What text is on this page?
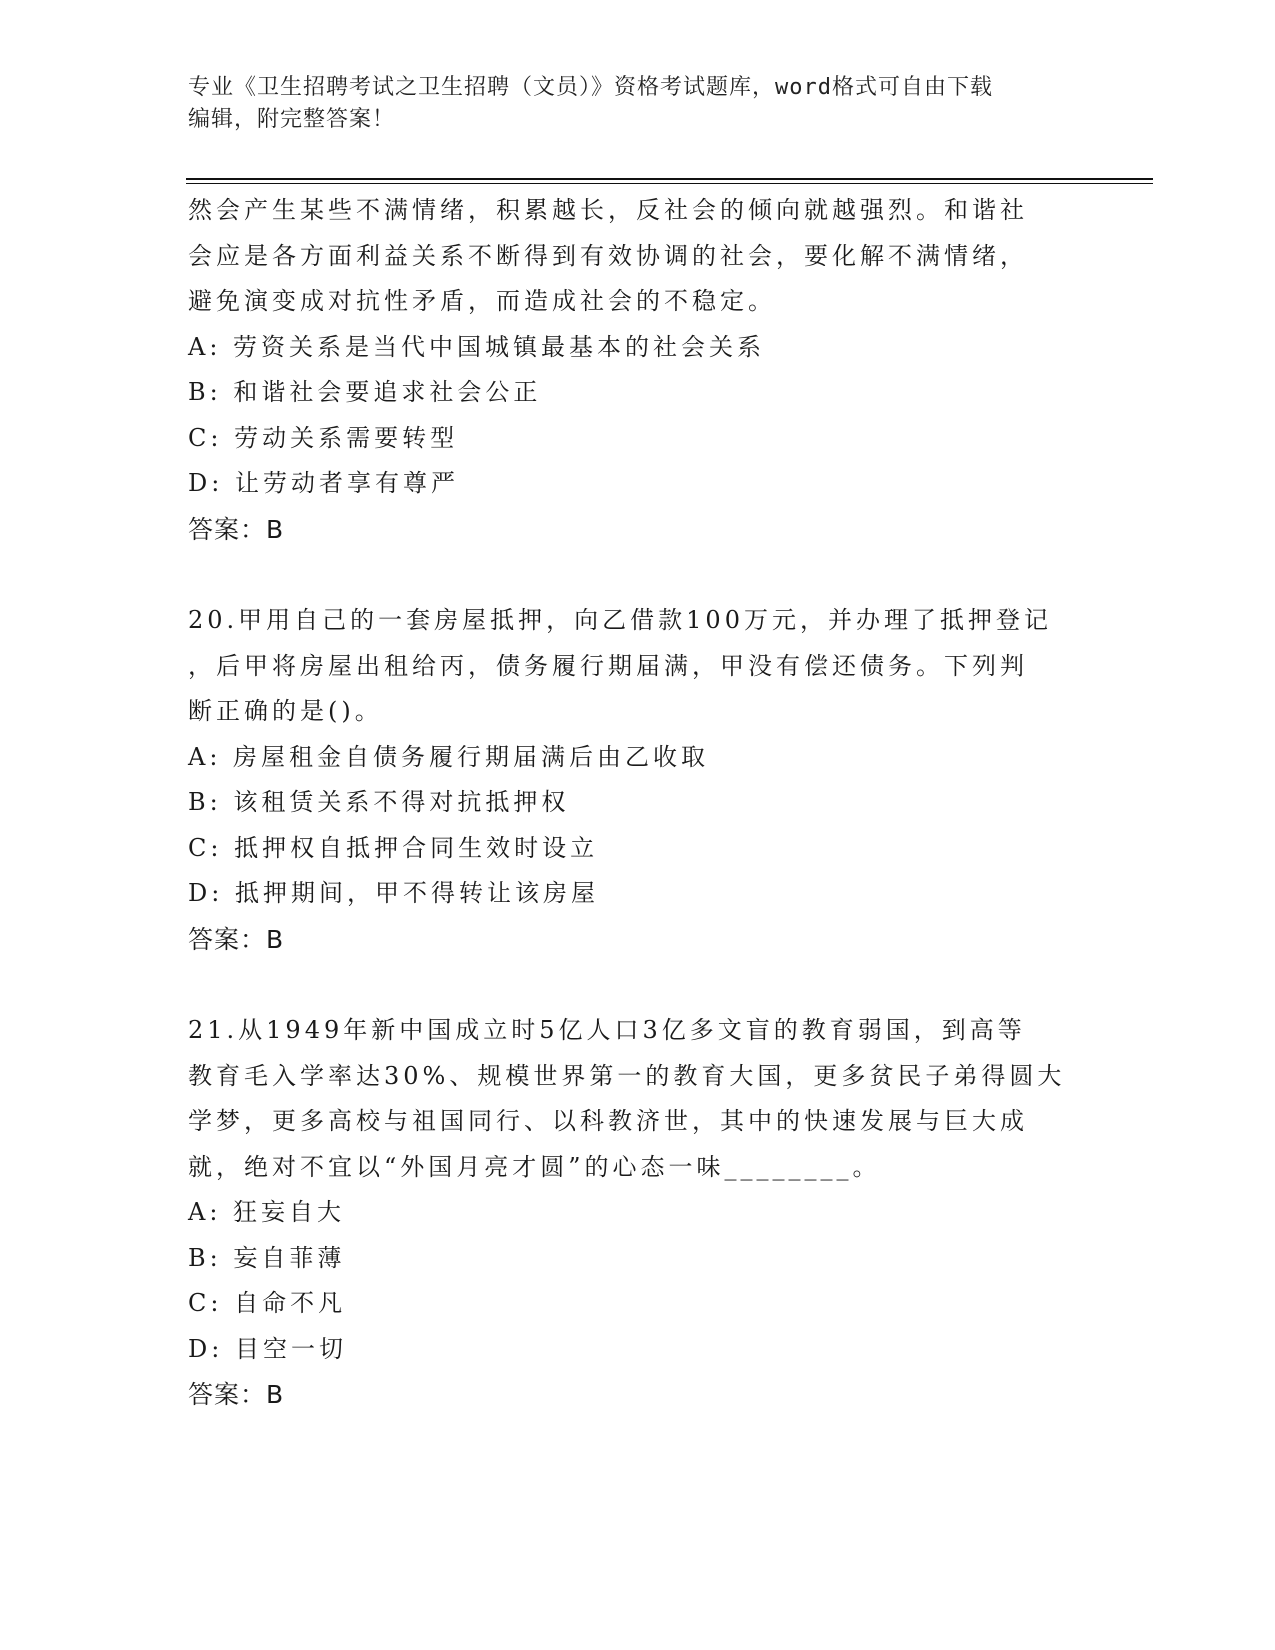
专业《卫生招聘考试之卫生招聘（文员）》资格考试题库，word格式可自由下载
编辑，附完整答案！
然会产生某些不满情绪，积累越长，反社会的倾向就越强烈。和谐社
会应是各方面利益关系不断得到有效协调的社会，要化解不满情绪，
避免演变成对抗性矛盾，而造成社会的不稳定。
A: 劳资关系是当代中国城镇最基本的社会关系
B: 和谐社会要追求社会公正
C: 劳动关系需要转型
D: 让劳动者享有尊严
答案：B
20.甲用自己的一套房屋抵押，向乙借款100万元，并办理了抵押登记
，后甲将房屋出租给丙，债务履行期届满，甲没有偿还债务。下列判
断正确的是()。
A: 房屋租金自债务履行期届满后由乙收取
B: 该租赁关系不得对抗抵押权
C: 抵押权自抵押合同生效时设立
D: 抵押期间，甲不得转让该房屋
答案：B
21.从1949年新中国成立时5亿人口3亿多文盲的教育弱国，到高等
教育毛入学率达30%、规模世界第一的教育大国，更多贫民子弟得圆大
学梦，更多高校与祖国同行、以科教济世，其中的快速发展与巨大成
就，绝对不宜以“外国月亮才圆”的心态一味________。
A: 狂妄自大
B: 妄自菲薄
C: 自命不凡
D: 目空一切
答案：B
